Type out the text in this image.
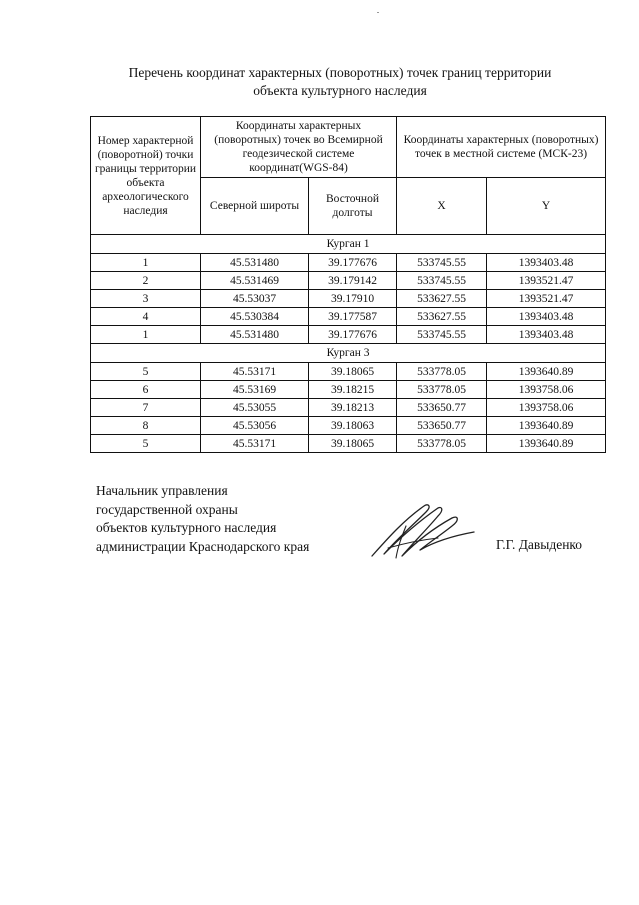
Перечень координат характерных (поворотных) точек границ территории
объекта культурного наследия
Номер характерной (поворотной) точки границы территории объекта археологического наследия	Координаты характерных (поворотных) точек во Всемирной геодезической системе координат(WGS-84)		Координаты характерных (поворотных) точек в местной системе (МСК-23)	
	Северной широты	Восточной долготы	X	Y
Курган 1				
1	45.531480	39.177676	533745.55	1393403.48
2	45.531469	39.179142	533745.55	1393521.47
3	45.53037	39.17910	533627.55	1393521.47
4	45.530384	39.177587	533627.55	1393403.48
1	45.531480	39.177676	533745.55	1393403.48
Курган 3				
5	45.53171	39.18065	533778.05	1393640.89
6	45.53169	39.18215	533778.05	1393758.06
7	45.53055	39.18213	533650.77	1393758.06
8	45.53056	39.18063	533650.77	1393640.89
5	45.53171	39.18065	533778.05	1393640.89
Начальник управления
государственной охраны
объектов культурного наследия
администрации Краснодарского края	Г.Г. Давыденко
